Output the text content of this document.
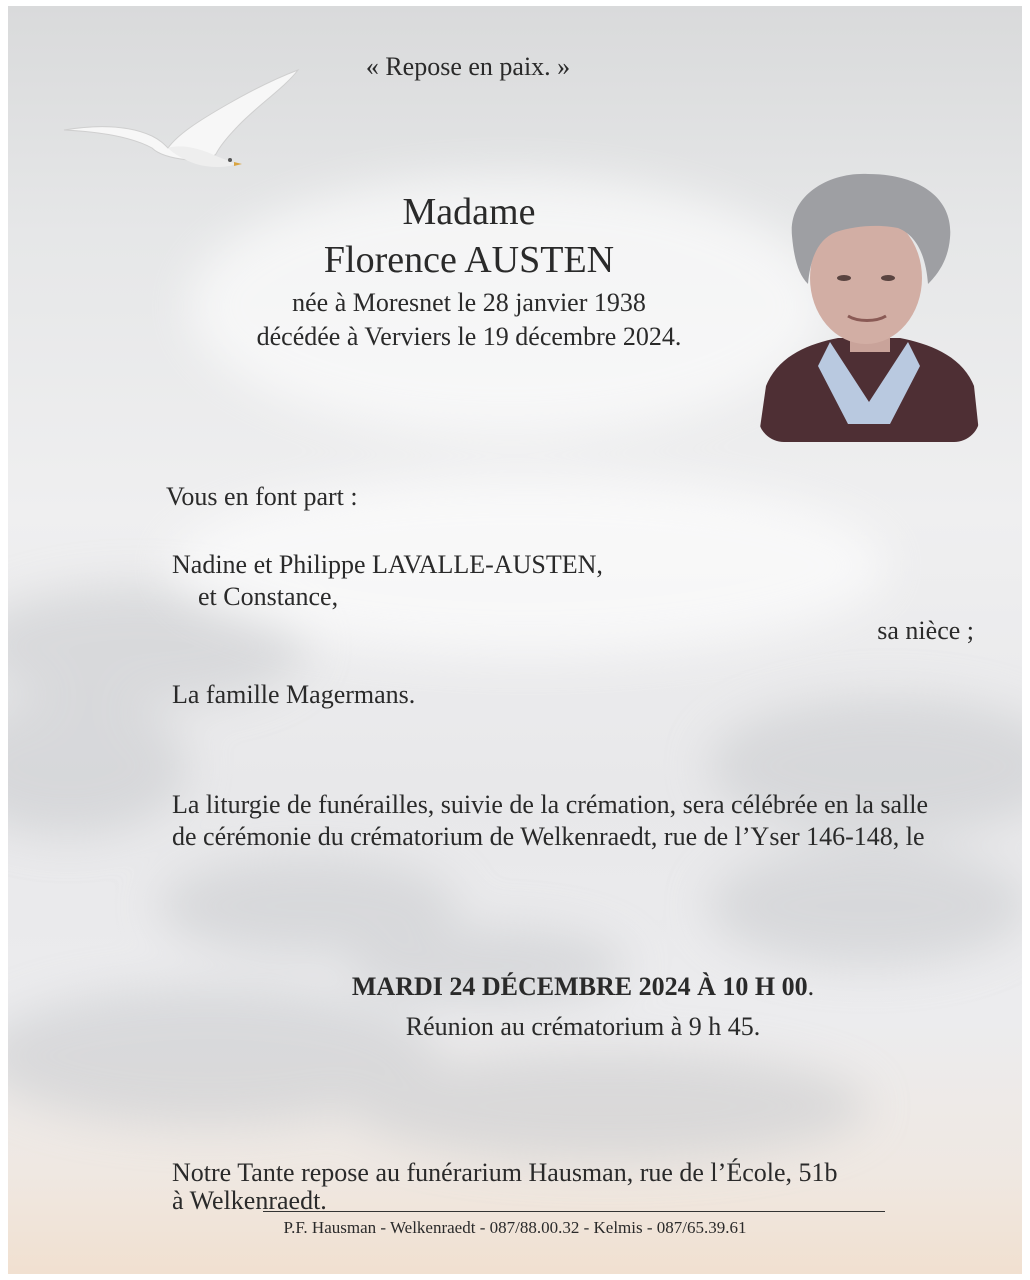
« Repose en paix. »

Madame

Florence AUSTEN

née à Moresnet le 28 janvier 1938

décédée à Verviers le 19 décembre 2024.

Vous en font part :

Nadine et Philippe LAVALLE-AUSTEN,

et Constance,

sa nièce ;

La famille Magermans.

La liturgie de funérailles, suivie de la crémation, sera célébrée en la salle

de cérémonie du crématorium de Welkenraedt, rue de l’Yser 146-148, le

MARDI 24 DÉCEMBRE 2024 À 10 H 00.

Réunion au crématorium à 9 h 45.

Notre Tante repose au funérarium Hausman, rue de l’École, 51b

à Welkenraedt.

P.F. Hausman - Welkenraedt - 087/88.00.32 - Kelmis - 087/65.39.61
